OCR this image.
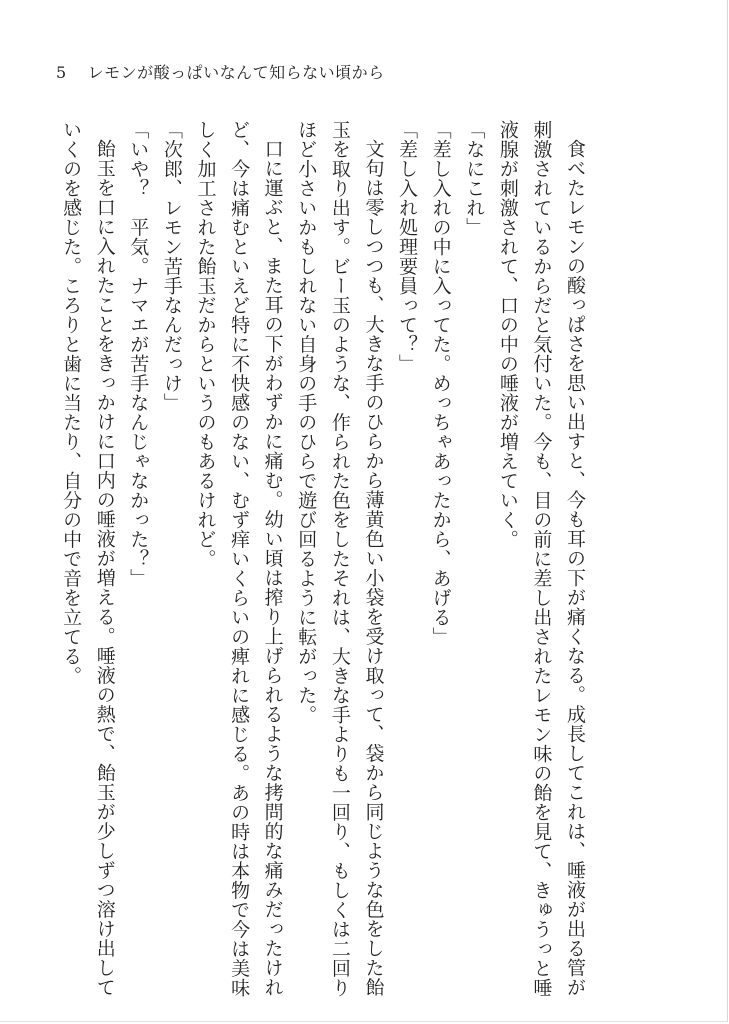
5 レモンが酸っぱいなんて知らない頃から

食べたレモンの酸っぱさを思い出すと、今も耳の下が痛くなる。成長してこれは、唾液が出る管が刺激されているからだと気付いた。今も、目の前に差し出されたレモン味の飴を見て、きゅうっと唾液腺が刺激されて、口の中の唾液が増えていく。

「なにこれ」

「差し入れの中に入ってた。めっちゃあったから、あげる」

「差し入れ処理要員って？」

文句は零しつつも、大きな手のひらから薄黄色い小袋を受け取って、袋から同じような色をした飴玉を取り出す。ビー玉のような、作られた色をしたそれは、大きな手よりも一回り、もしくは二回りほど小さいかもしれない自身の手のひらで遊び回るように転がった。

口に運ぶと、また耳の下がわずかに痛む。幼い頃は搾り上げられるような拷問的な痛みだったけれど、今は痛むといえど特に不快感のない、むず痒いくらいの痺れに感じる。あの時は本物で今は美味しく加工された飴玉だからというのもあるけれど。

「次郎、レモン苦手なんだっけ」

「いや？　平気。ナマエが苦手なんじゃなかった？」

飴玉を口に入れたことをきっかけに口内の唾液が増える。唾液の熱で、飴玉が少しずつ溶け出していくのを感じた。ころりと歯に当たり、自分の中で音を立てる。
